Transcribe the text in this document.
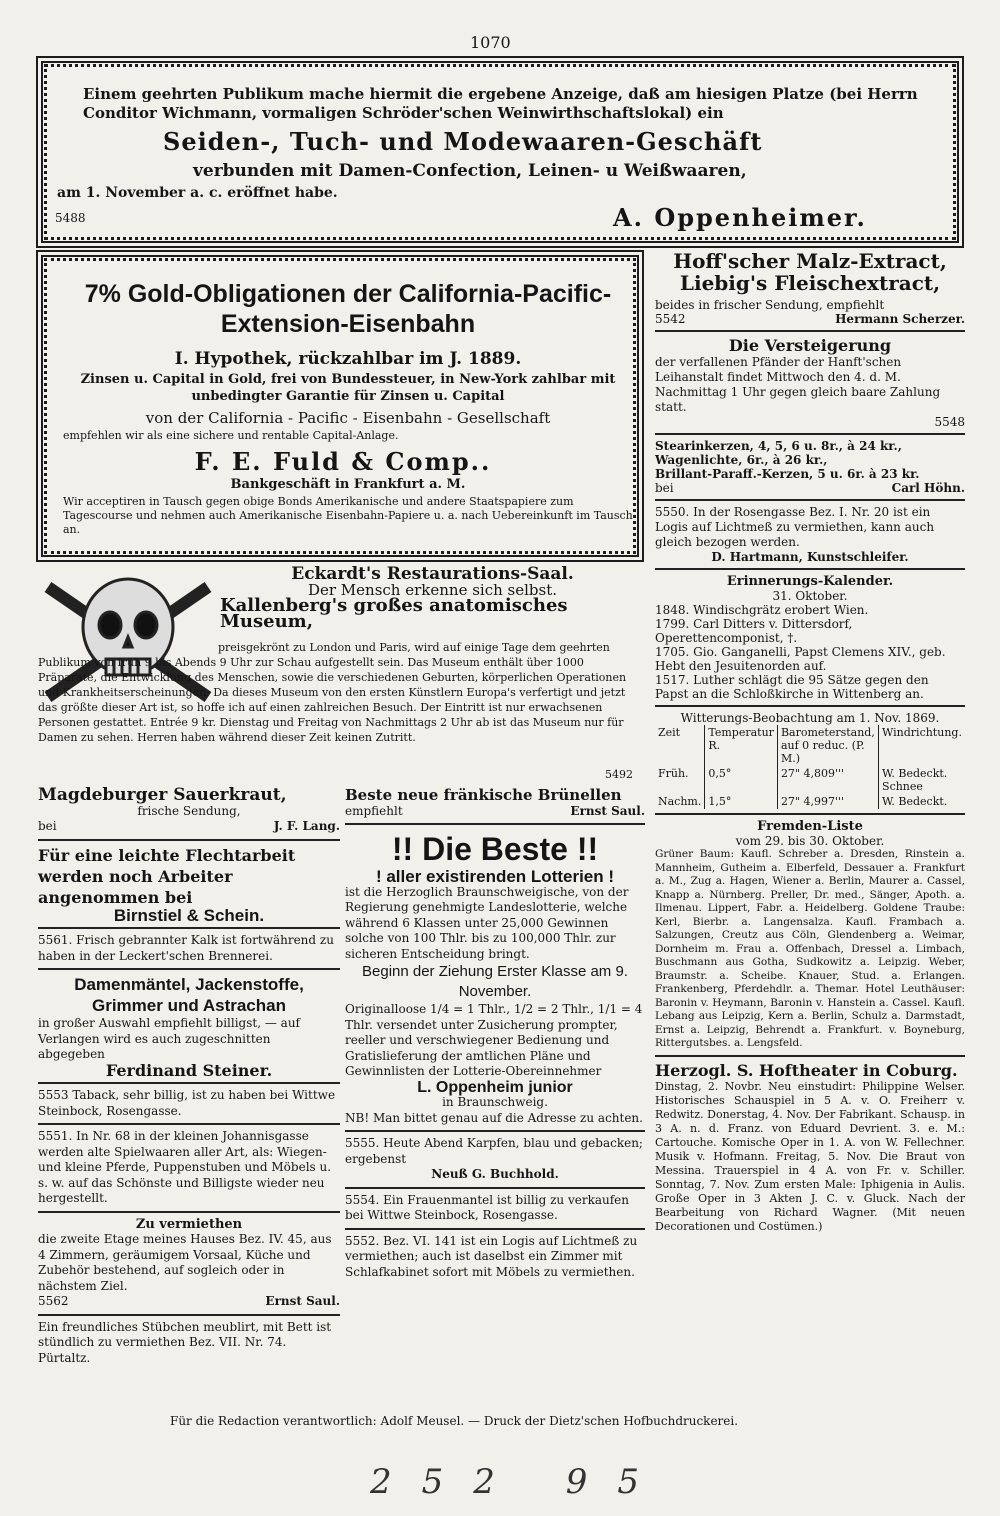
1070
Einem geehrten Publikum mache hiermit die ergebene Anzeige, daß am hiesigen Platze (bei Herrn Conditor Wichmann, vormaligen Schröder'schen Weinwirthschaftslokal) ein
Seiden-, Tuch- und Modewaaren-Geschäft
verbunden mit Damen-Confection, Leinen- u Weißwaaren,
am 1. November a. c. eröffnet habe.
5488	A. Oppenheimer.
7% Gold-Obligationen der California-Pacific-Extension-Eisenbahn
I. Hypothek, rückzahlbar im J. 1889.
Zinsen u. Capital in Gold, frei von Bundessteuer, in New-York zahlbar mit unbedingter Garantie für Zinsen u. Capital
von der California - Pacific - Eisenbahn - Gesellschaft
empfehlen wir als eine sichere und rentable Capital-Anlage.
F. E. Fuld & Comp..
Bankgeschäft in Frankfurt a. M.
Wir acceptiren in Tausch gegen obige Bonds Amerikanische und andere Staatspapiere zum Tagescourse und nehmen auch Amerikanische Eisenbahn-Papiere u. a. nach Uebereinkunft im Tausch an.
Hoff'scher Malz-Extract, Liebig's Fleischextract,
beides in frischer Sendung, empfiehlt
5542	Hermann Scherzer.
Die Versteigerung
der verfallenen Pfänder der Hanft'schen Leihanstalt findet Mittwoch den 4. d. M. Nachmittag 1 Uhr gegen gleich baare Zahlung statt.
5548
Stearinkerzen, 4, 5, 6 u. 8r., à 24 kr.,
Wagenlichte, 6r., à 26 kr.,
Brillant-Paraff.-Kerzen, 5 u. 6r. à 23 kr.
bei	Carl Höhn.
5550. In der Rosengasse Bez. I. Nr. 20 ist ein Logis auf Lichtmeß zu vermiethen, kann auch gleich bezogen werden.
D. Hartmann, Kunstschleifer.
Erinnerungs-Kalender.
31. Oktober.
1848. Windischgrätz erobert Wien.
1799. Carl Ditters v. Dittersdorf, Operettencomponist, †.
1705. Gio. Ganganelli, Papst Clemens XIV., geb. Hebt den Jesuitenorden auf.
1517. Luther schlägt die 95 Sätze gegen den Papst an die Schloßkirche in Wittenberg an.
Witterungs-Beobachtung am 1. Nov. 1869.
Zeit	Temperatur R.	Barometerstand, auf 0 reduc. (P. M.)	Windrichtung.
Früh.	0,5°	27" 4,809'''	W. Bedeckt. Schnee
Nachm.	1,5°	27" 4,997'''	W. Bedeckt.
Fremden-Liste
vom 29. bis 30. Oktober.
Grüner Baum: Kaufl. Schreber a. Dresden, Rinstein a. Mannheim, Gutheim a. Elberfeld, Dessauer a. Frankfurt a. M., Zug a. Hagen, Wiener a. Berlin, Maurer a. Cassel, Knapp a. Nürnberg. Preller, Dr. med., Sänger, Apoth. a. Ilmenau. Lippert, Fabr. a. Heidelberg. Goldene Traube: Kerl, Bierbr. a. Langensalza. Kaufl. Frambach a. Salzungen, Creutz aus Cöln, Glendenberg a. Weimar, Dornheim m. Frau a. Offenbach, Dressel a. Limbach, Buschmann aus Gotha, Sudkowitz a. Leipzig. Weber, Braumstr. a. Scheibe. Knauer, Stud. a. Erlangen. Frankenberg, Pferdehdlr. a. Themar. Hotel Leuthäuser: Baronin v. Heymann, Baronin v. Hanstein a. Cassel. Kaufl. Lebang aus Leipzig, Kern a. Berlin, Schulz a. Darmstadt, Ernst a. Leipzig, Behrendt a. Frankfurt. v. Boyneburg, Rittergutsbes. a. Lengsfeld.
Herzogl. S. Hoftheater in Coburg.
Dinstag, 2. Novbr. Neu einstudirt: Philippine Welser. Historisches Schauspiel in 5 A. v. O. Freiherr v. Redwitz. Donerstag, 4. Nov. Der Fabrikant. Schausp. in 3 A. n. d. Franz. von Eduard Devrient. 3. e. M.: Cartouche. Komische Oper in 1. A. von W. Fellechner. Musik v. Hofmann. Freitag, 5. Nov. Die Braut von Messina. Trauerspiel in 4 A. von Fr. v. Schiller. Sonntag, 7. Nov. Zum ersten Male: Iphigenia in Aulis. Große Oper in 3 Akten J. C. v. Gluck. Nach der Bearbeitung von Richard Wagner. (Mit neuen Decorationen und Costümen.)
Eckardt's Restaurations-Saal.
Der Mensch erkenne sich selbst.
Kallenberg's großes anatomisches Museum,
preisgekrönt zu London und Paris, wird auf einige Tage dem geehrten Publikum von früh 9 bis Abends 9 Uhr zur Schau aufgestellt sein. Das Museum enthält über 1000 Präparate, die Entwicklung des Menschen, sowie die verschiedenen Geburten, körperlichen Operationen und Krankheitserscheinungen. Da dieses Museum von den ersten Künstlern Europa's verfertigt und jetzt das größte dieser Art ist, so hoffe ich auf einen zahlreichen Besuch. Der Eintritt ist nur erwachsenen Personen gestattet. Entrée 9 kr. Dienstag und Freitag von Nachmittags 2 Uhr ab ist das Museum nur für Damen zu sehen. Herren haben während dieser Zeit keinen Zutritt.
5492
Magdeburger Sauerkraut,
frische Sendung,
bei	J. F. Lang.
Für eine leichte Flechtarbeit werden noch Arbeiter angenommen bei
Birnstiel & Schein.
5561. Frisch gebrannter Kalk ist fortwährend zu haben in der Leckert'schen Brennerei.
Damenmäntel, Jackenstoffe, Grimmer und Astrachan
in großer Auswahl empfiehlt billigst, — auf Verlangen wird es auch zugeschnitten abgegeben
Ferdinand Steiner.
5553 Taback, sehr billig, ist zu haben bei Wittwe Steinbock, Rosengasse.
5551. In Nr. 68 in der kleinen Johannisgasse werden alte Spielwaaren aller Art, als: Wiegen- und kleine Pferde, Puppenstuben und Möbels u. s. w. auf das Schönste und Billigste wieder neu hergestellt.
Zu vermiethen
die zweite Etage meines Hauses Bez. IV. 45, aus 4 Zimmern, geräumigem Vorsaal, Küche und Zubehör bestehend, auf sogleich oder in nächstem Ziel.
5562	Ernst Saul.
Ein freundliches Stübchen meublirt, mit Bett ist stündlich zu vermiethen Bez. VII. Nr. 74. Pürtaltz.
Beste neue fränkische Brünellen
empfiehlt	Ernst Saul.
!! Die Beste !!
! aller existirenden Lotterien !
ist die Herzoglich Braunschweigische, von der Regierung genehmigte Landeslotterie, welche während 6 Klassen unter 25,000 Gewinnen solche von 100 Thlr. bis zu 100,000 Thlr. zur sicheren Entscheidung bringt.
Beginn der Ziehung Erster Klasse am 9. November.
Originalloose 1/4 = 1 Thlr., 1/2 = 2 Thlr., 1/1 = 4 Thlr. versendet unter Zusicherung prompter, reeller und verschwiegener Bedienung und Gratislieferung der amtlichen Pläne und Gewinnlisten der Lotterie-Obereinnehmer
L. Oppenheim junior
in Braunschweig.
NB! Man bittet genau auf die Adresse zu achten.
5555. Heute Abend Karpfen, blau und gebacken; ergebenst
Neuß G. Buchhold.
5554. Ein Frauenmantel ist billig zu verkaufen bei Wittwe Steinbock, Rosengasse.
5552. Bez. VI. 141 ist ein Logis auf Lichtmeß zu vermiethen; auch ist daselbst ein Zimmer mit Schlafkabinet sofort mit Möbels zu vermiethen.
Für die Redaction verantwortlich: Adolf Meusel. — Druck der Dietz'schen Hofbuchdruckerei.
252 95
